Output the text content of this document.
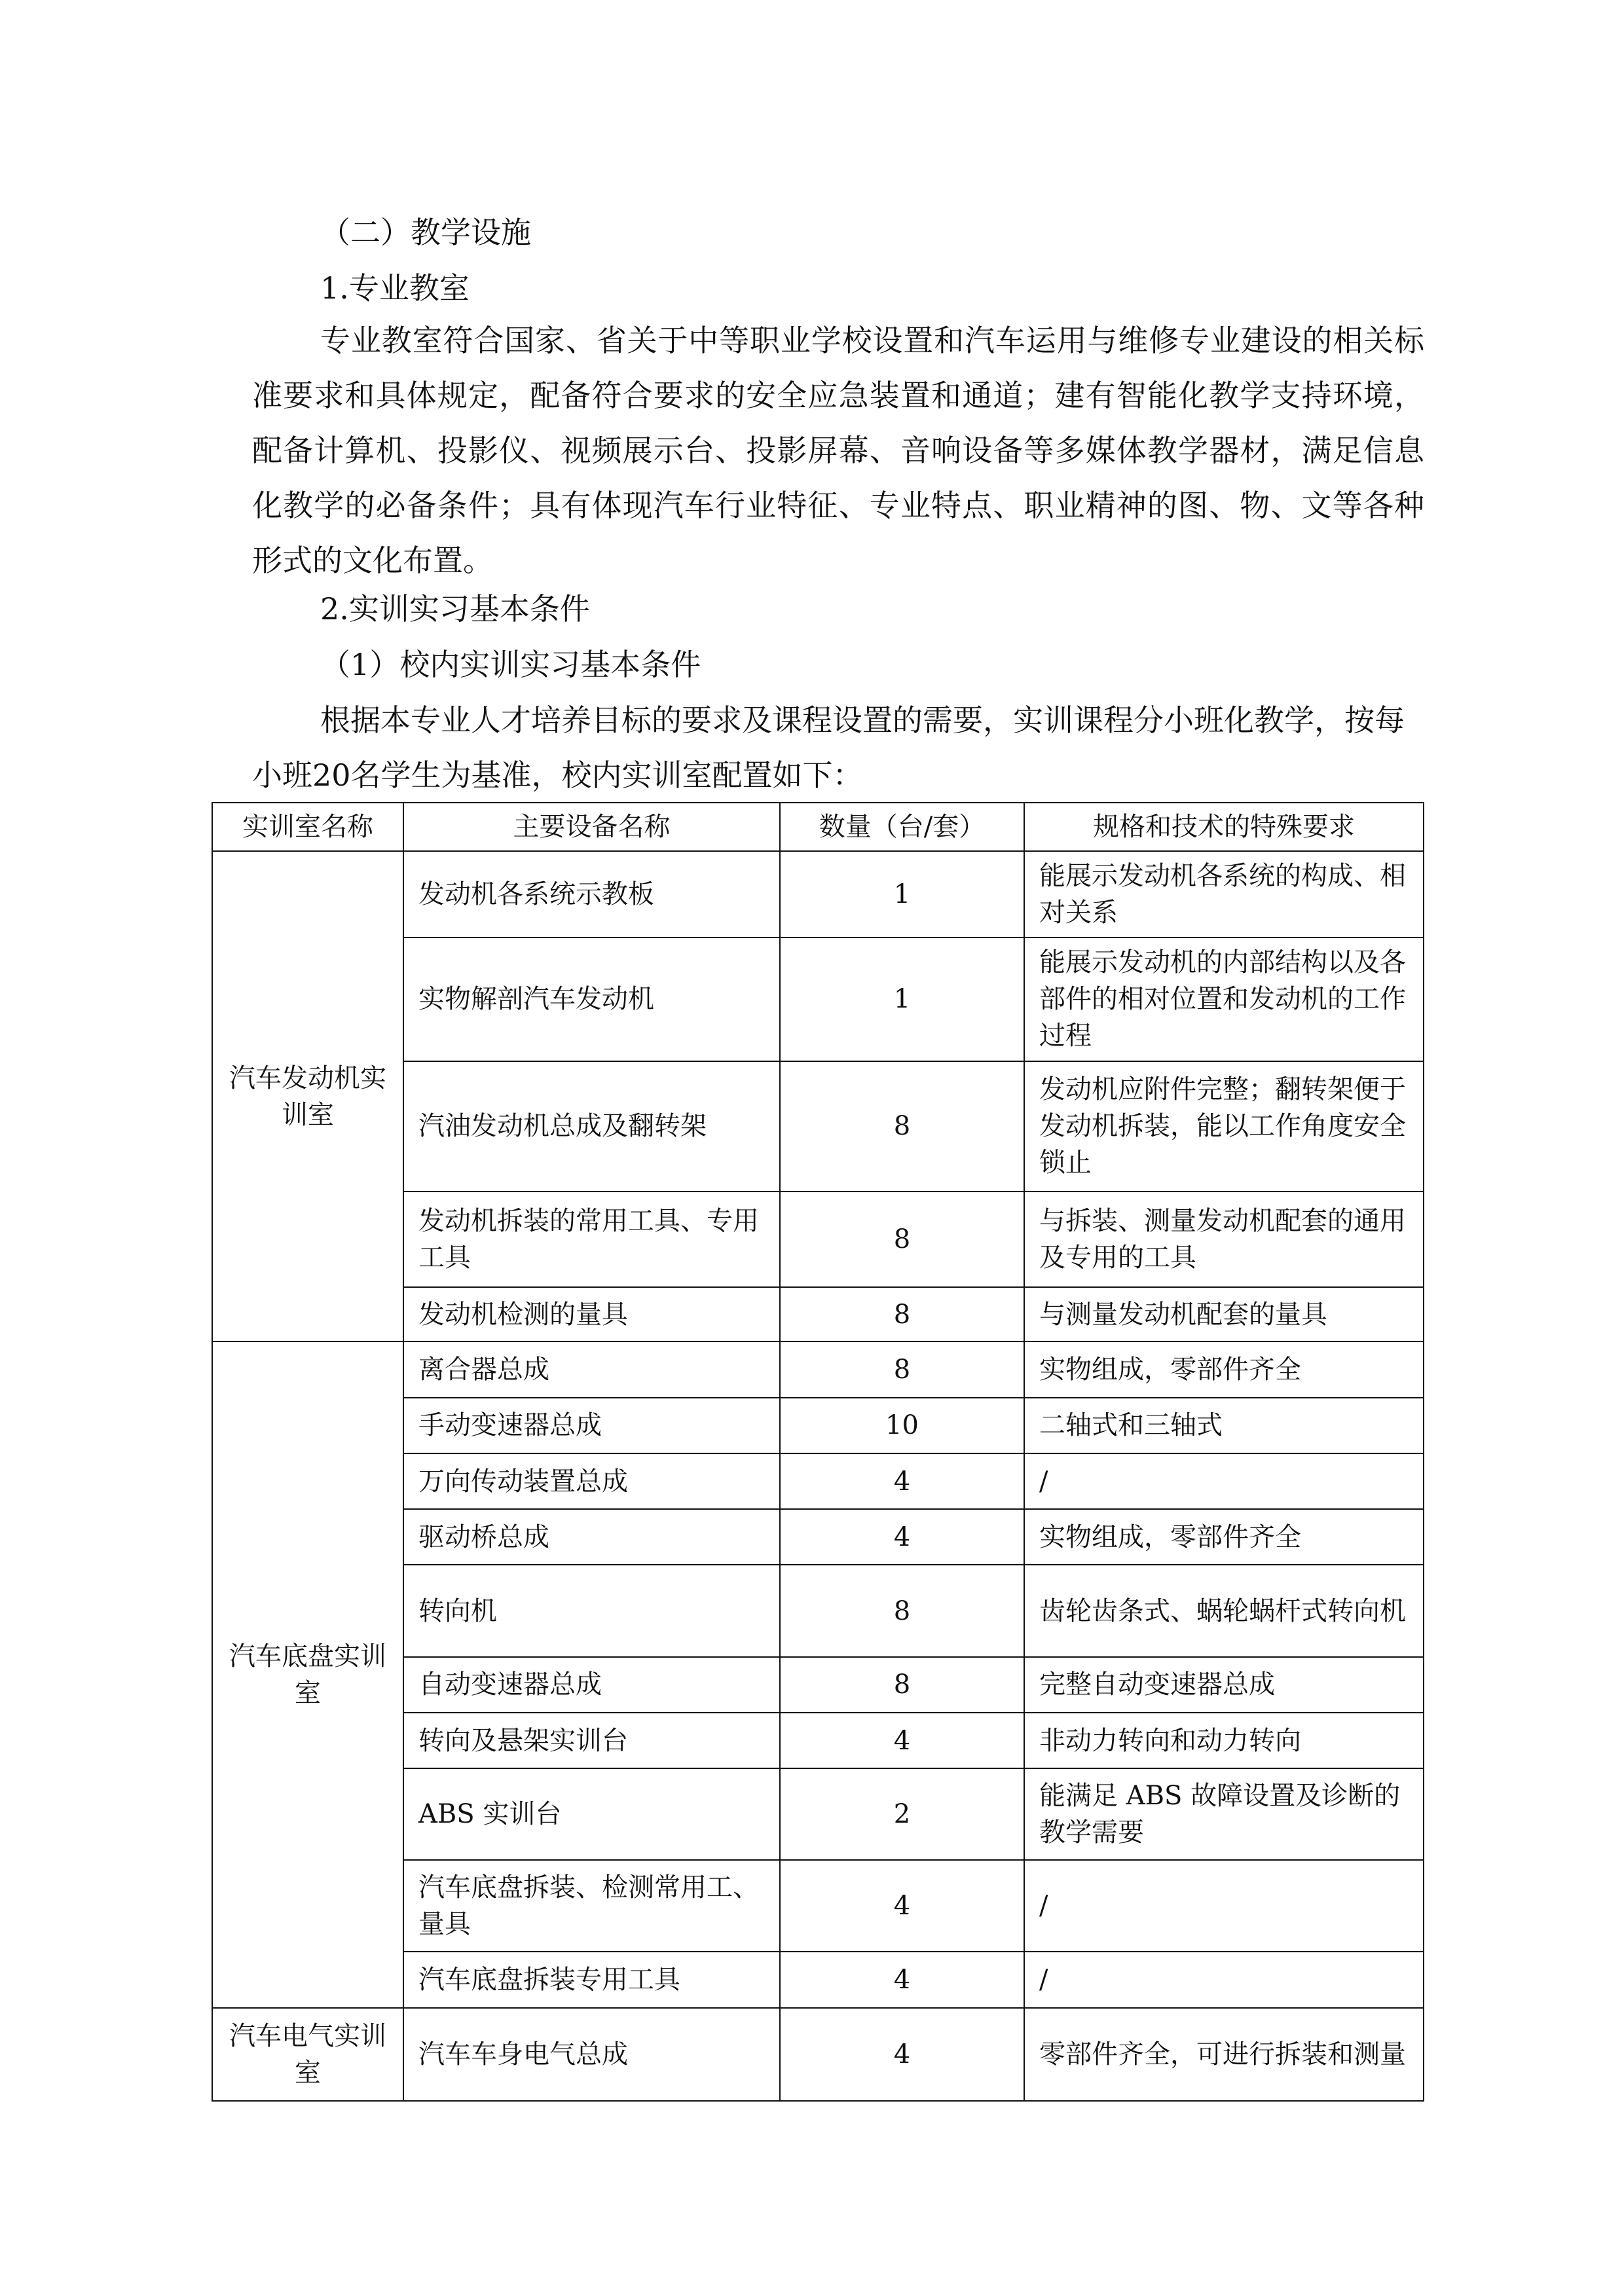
（二）教学设施

1.专业教室

专业教室符合国家、省关于中等职业学校设置和汽车运用与维修专业建设的相关标准要求和具体规定，配备符合要求的安全应急装置和通道；建有智能化教学支持环境，配备计算机、投影仪、视频展示台、投影屏幕、音响设备等多媒体教学器材，满足信息化教学的必备条件；具有体现汽车行业特征、专业特点、职业精神的图、物、文等各种形式的文化布置。

2.实训实习基本条件

（1）校内实训实习基本条件

根据本专业人才培养目标的要求及课程设置的需要，实训课程分小班化教学，按每小班20名学生为基准，校内实训室配置如下：

实训室名称	主要设备名称	数量（台/套）	规格和技术的特殊要求
汽车发动机实训室	发动机各系统示教板	1	能展示发动机各系统的构成、相对关系
	实物解剖汽车发动机	1	能展示发动机的内部结构以及各部件的相对位置和发动机的工作过程
	汽油发动机总成及翻转架	8	发动机应附件完整；翻转架便于发动机拆装，能以工作角度安全锁止
	发动机拆装的常用工具、专用工具	8	与拆装、测量发动机配套的通用及专用的工具
	发动机检测的量具	8	与测量发动机配套的量具
汽车底盘实训室	离合器总成	8	实物组成，零部件齐全
	手动变速器总成	10	二轴式和三轴式
	万向传动装置总成	4	/
	驱动桥总成	4	实物组成，零部件齐全
	转向机	8	齿轮齿条式、蜗轮蜗杆式转向机
	自动变速器总成	8	完整自动变速器总成
	转向及悬架实训台	4	非动力转向和动力转向
	ABS 实训台	2	能满足 ABS 故障设置及诊断的教学需要
	汽车底盘拆装、检测常用工、量具	4	/
	汽车底盘拆装专用工具	4	/
汽车电气实训室	汽车车身电气总成	4	零部件齐全，可进行拆装和测量
